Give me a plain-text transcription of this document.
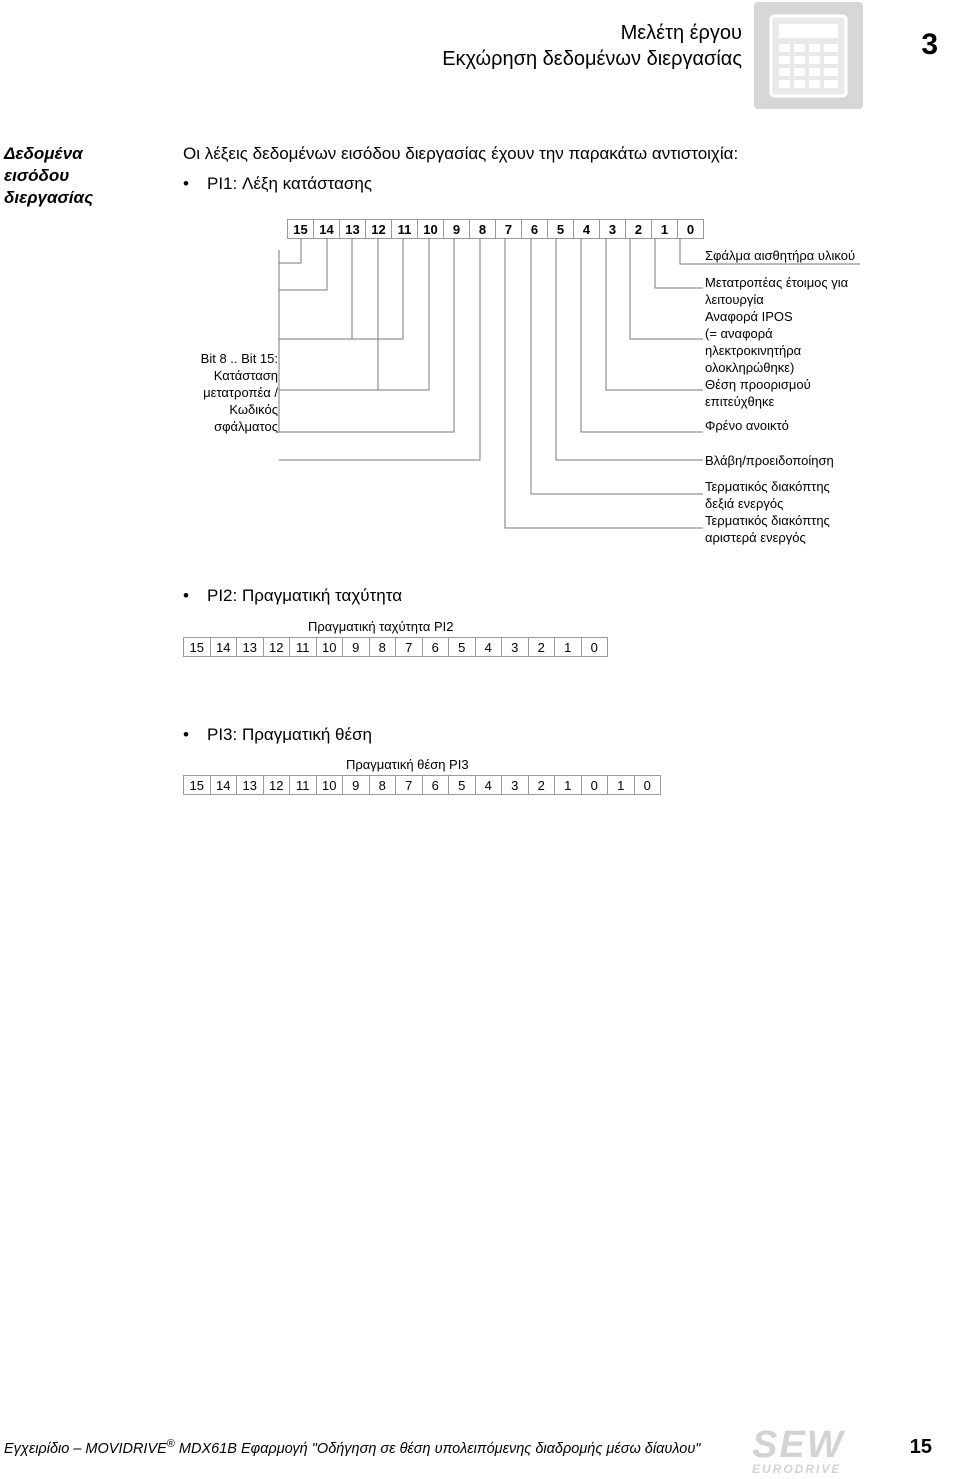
Μελέτη έργου
Εκχώρηση δεδομένων διεργασίας	3
Δεδομένα εισόδου διεργασίας
Οι λέξεις δεδομένων εισόδου διεργασίας έχουν την παρακάτω αντιστοιχία:
• PI1: Λέξη κατάστασης
15	14	13	12	11	10	9	8	7	6	5	4	3	2	1	0
Bit 8 .. Bit 15:
Κατάσταση
μετατροπέα /
Κωδικός
σφάλματος
Σφάλμα αισθητήρα υλικού
Μετατροπέας έτοιμος για
λειτουργία
Αναφορά IPOS
(= αναφορά
ηλεκτροκινητήρα
ολοκληρώθηκε)
Θέση προορισμού
επιτεύχθηκε
Φρένο ανοικτό
Βλάβη/προειδοποίηση
Τερματικός διακόπτης
δεξιά ενεργός
Τερματικός διακόπτης
αριστερά ενεργός
• PI2: Πραγματική ταχύτητα
Πραγματική ταχύτητα PI2
15	14	13	12	11	10	9	8	7	6	5	4	3	2	1	0
• PI3: Πραγματική θέση
Πραγματική θέση PI3
15	14	13	12	11	10	9	8	7	6	5	4	3	2	1	0	1	0
Εγχειρίδιο – MOVIDRIVE® MDX61B Εφαρμογή "Οδήγηση σε θέση υπολειπόμενης διαδρομής μέσω δίαυλου" SEW
EURODRIVE
15
